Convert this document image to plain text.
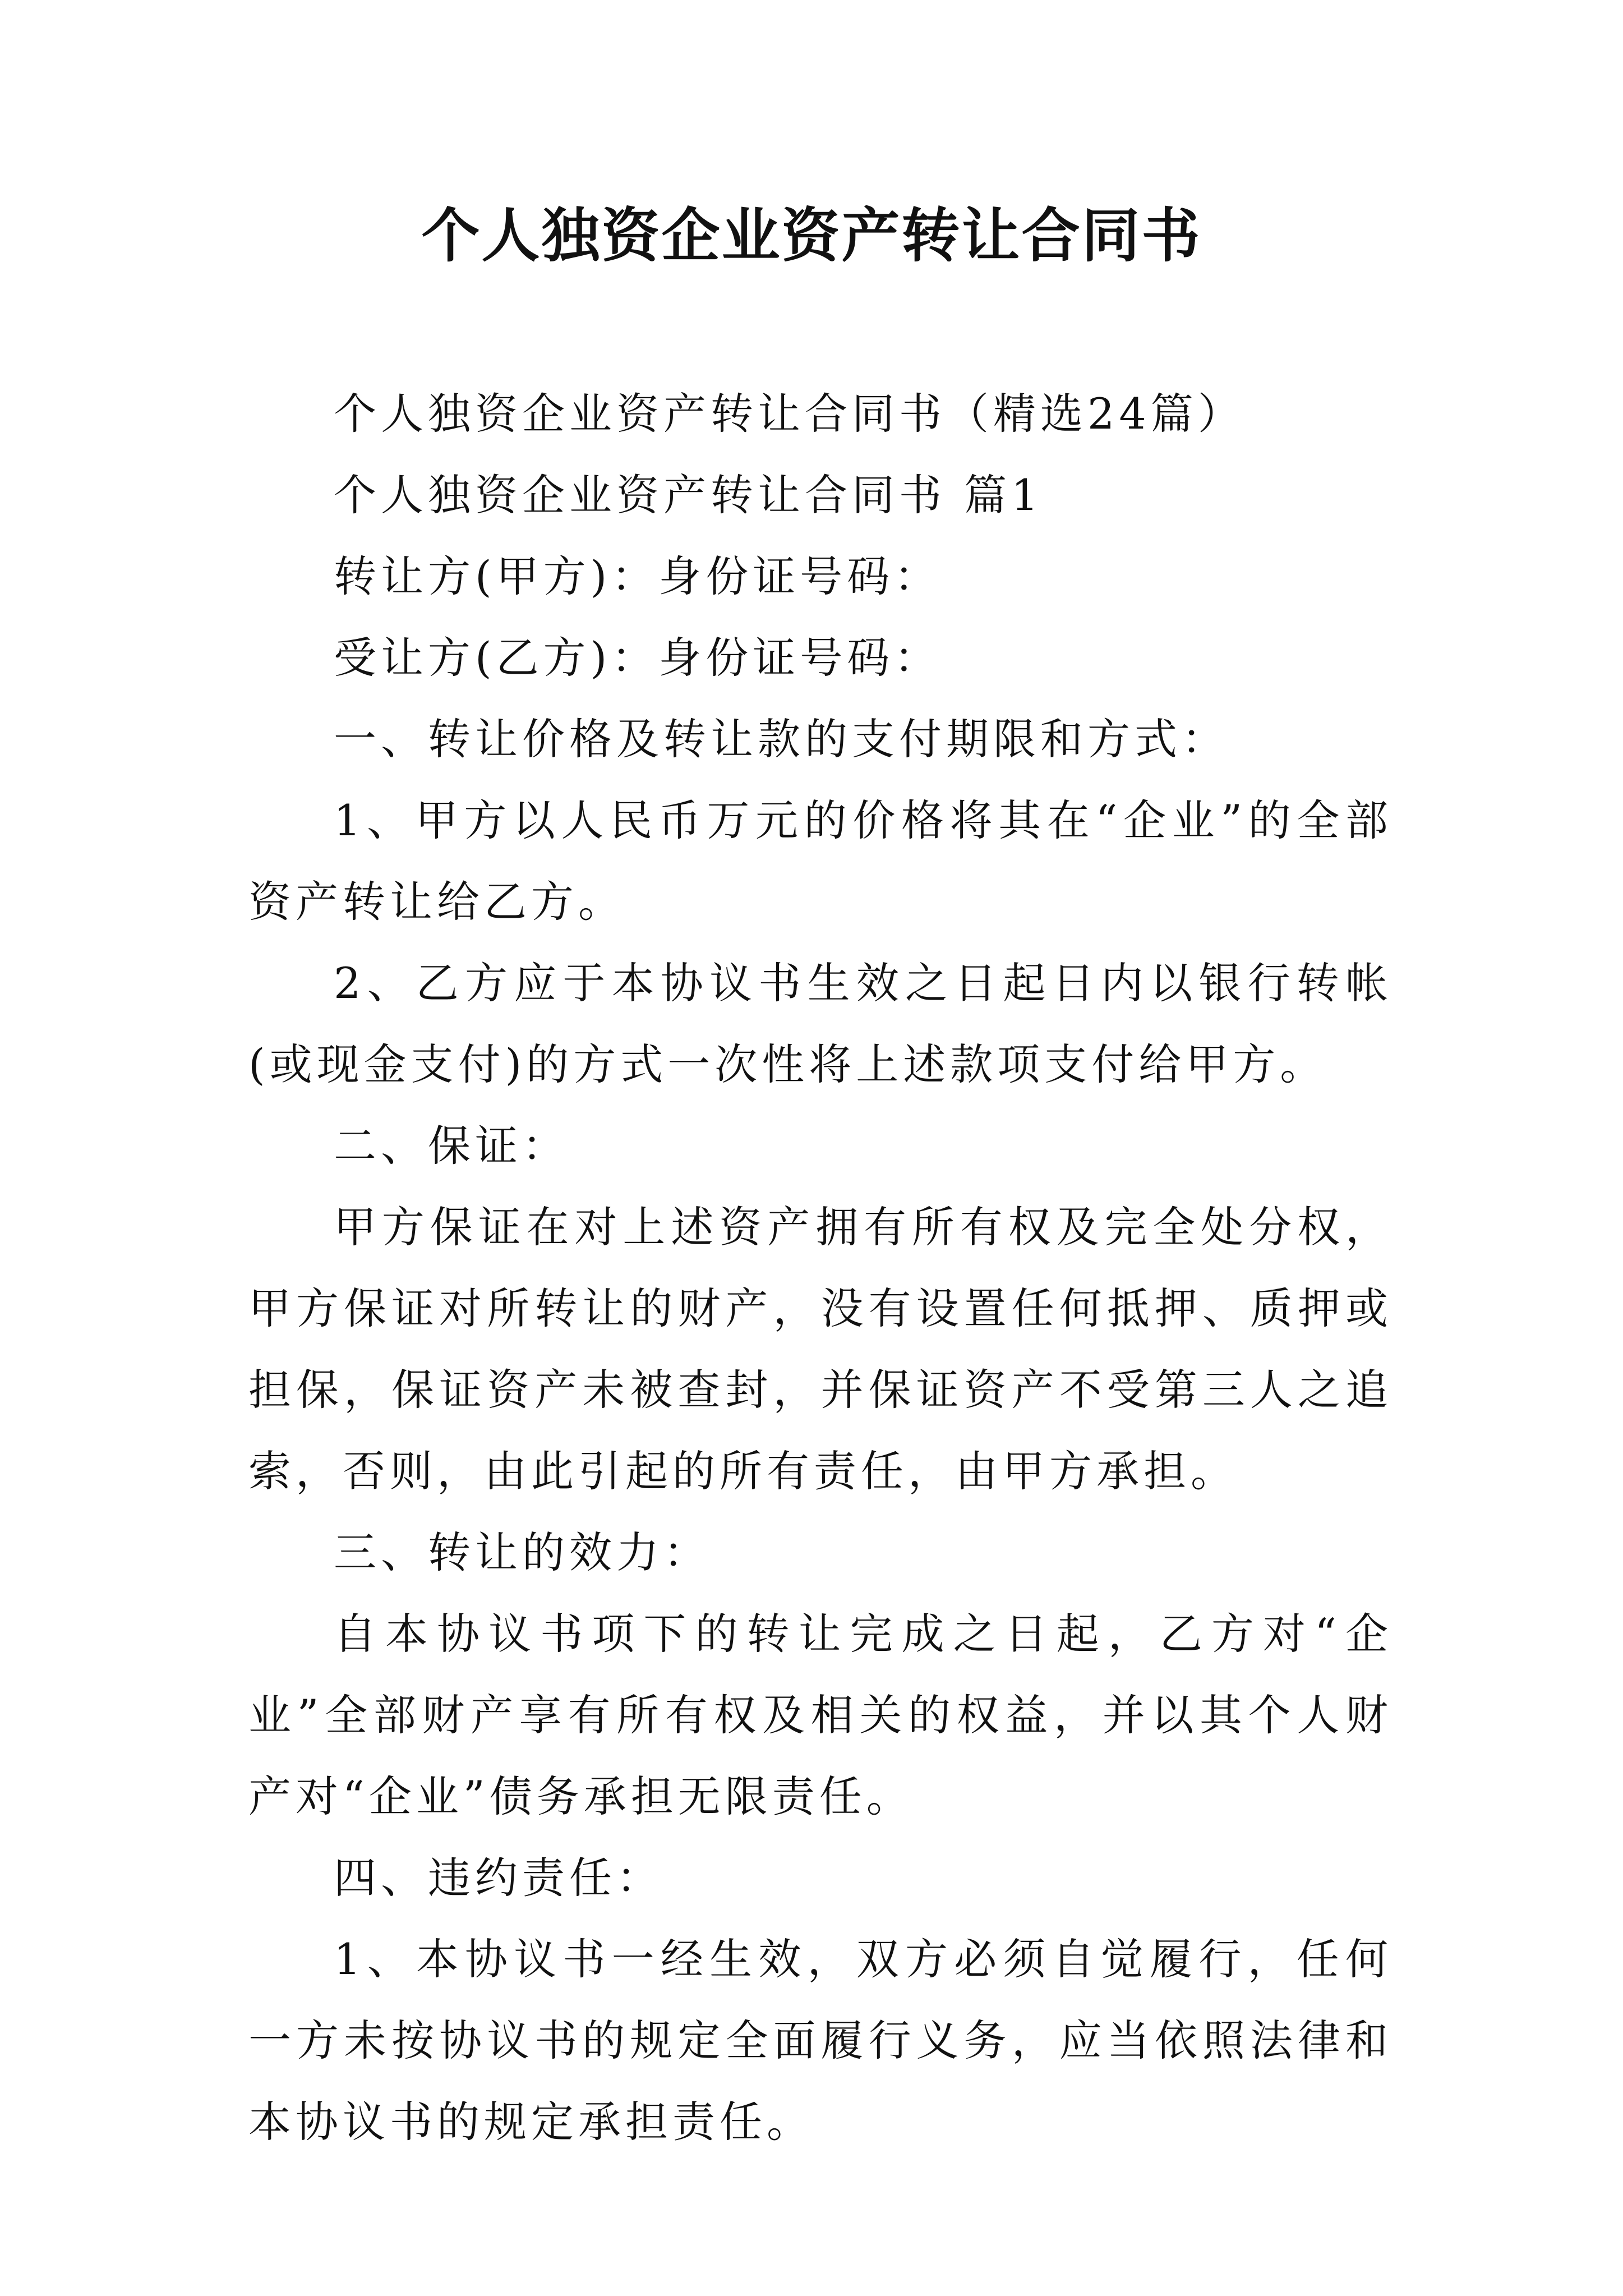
个人独资企业资产转让合同书

个人独资企业资产转让合同书（精选24篇）

个人独资企业资产转让合同书 篇1

转让方(甲方)：身份证号码：

受让方(乙方)：身份证号码：

一、转让价格及转让款的支付期限和方式：

1、甲方以人民币万元的价格将其在“企业”的全部资产转让给乙方。

2、乙方应于本协议书生效之日起日内以银行转帐(或现金支付)的方式一次性将上述款项支付给甲方。

二、保证：

甲方保证在对上述资产拥有所有权及完全处分权，甲方保证对所转让的财产，没有设置任何抵押、质押或担保，保证资产未被查封，并保证资产不受第三人之追索，否则，由此引起的所有责任，由甲方承担。

三、转让的效力：

自本协议书项下的转让完成之日起，乙方对“企业”全部财产享有所有权及相关的权益，并以其个人财产对“企业”债务承担无限责任。

四、违约责任：

1、本协议书一经生效，双方必须自觉履行，任何一方未按协议书的规定全面履行义务，应当依照法律和本协议书的规定承担责任。
